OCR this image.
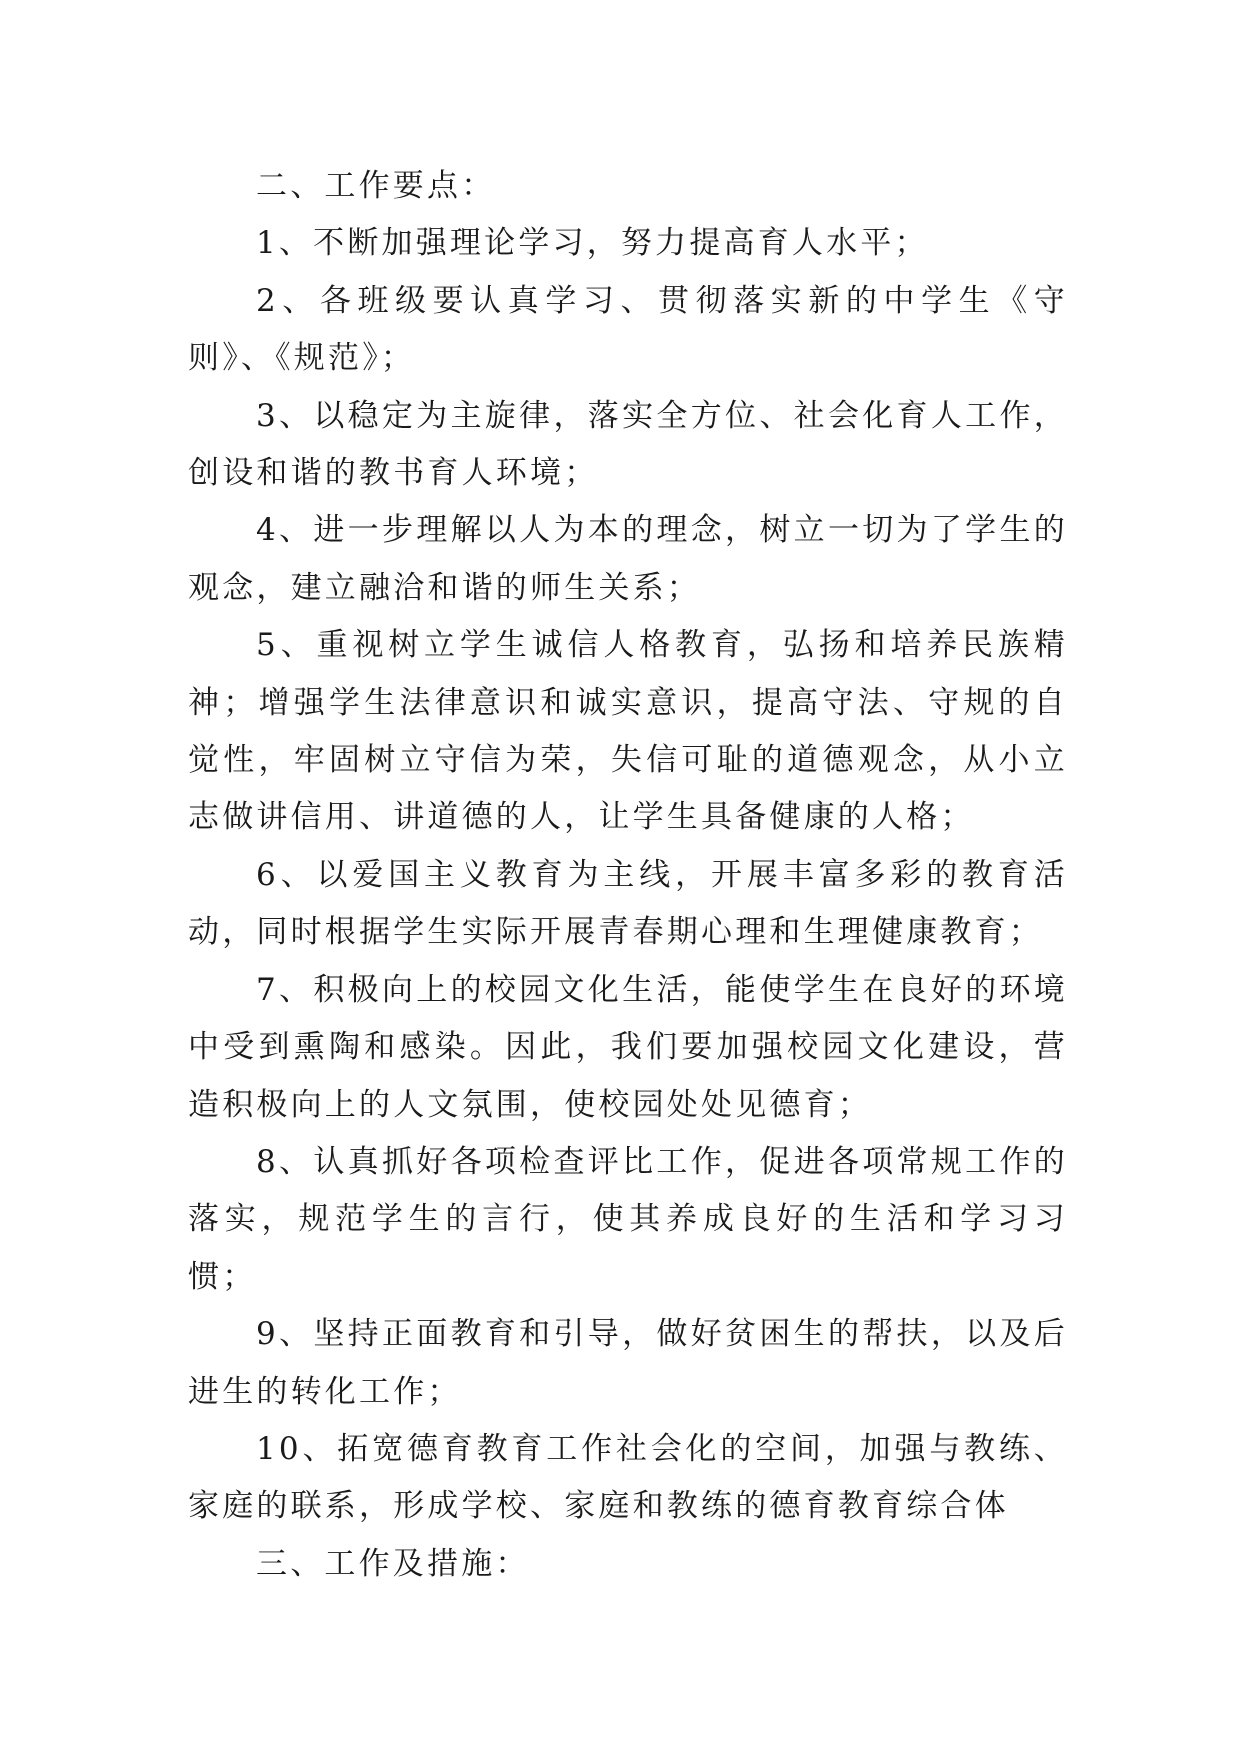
二、工作要点：

1、不断加强理论学习，努力提高育人水平；

2、各班级要认真学习、贯彻落实新的中学生《守则》、《规范》；

3、以稳定为主旋律，落实全方位、社会化育人工作，创设和谐的教书育人环境；

4、进一步理解以人为本的理念，树立一切为了学生的观念，建立融洽和谐的师生关系；

5、重视树立学生诚信人格教育，弘扬和培养民族精神；增强学生法律意识和诚实意识，提高守法、守规的自觉性，牢固树立守信为荣，失信可耻的道德观念，从小立志做讲信用、讲道德的人，让学生具备健康的人格；

6、以爱国主义教育为主线，开展丰富多彩的教育活动，同时根据学生实际开展青春期心理和生理健康教育；

7、积极向上的校园文化生活，能使学生在良好的环境中受到熏陶和感染。因此，我们要加强校园文化建设，营造积极向上的人文氛围，使校园处处见德育；

8、认真抓好各项检查评比工作，促进各项常规工作的落实，规范学生的言行，使其养成良好的生活和学习习惯；

9、坚持正面教育和引导，做好贫困生的帮扶，以及后进生的转化工作；

10、拓宽德育教育工作社会化的空间，加强与教练、家庭的联系，形成学校、家庭和教练的德育教育综合体

三、工作及措施：
